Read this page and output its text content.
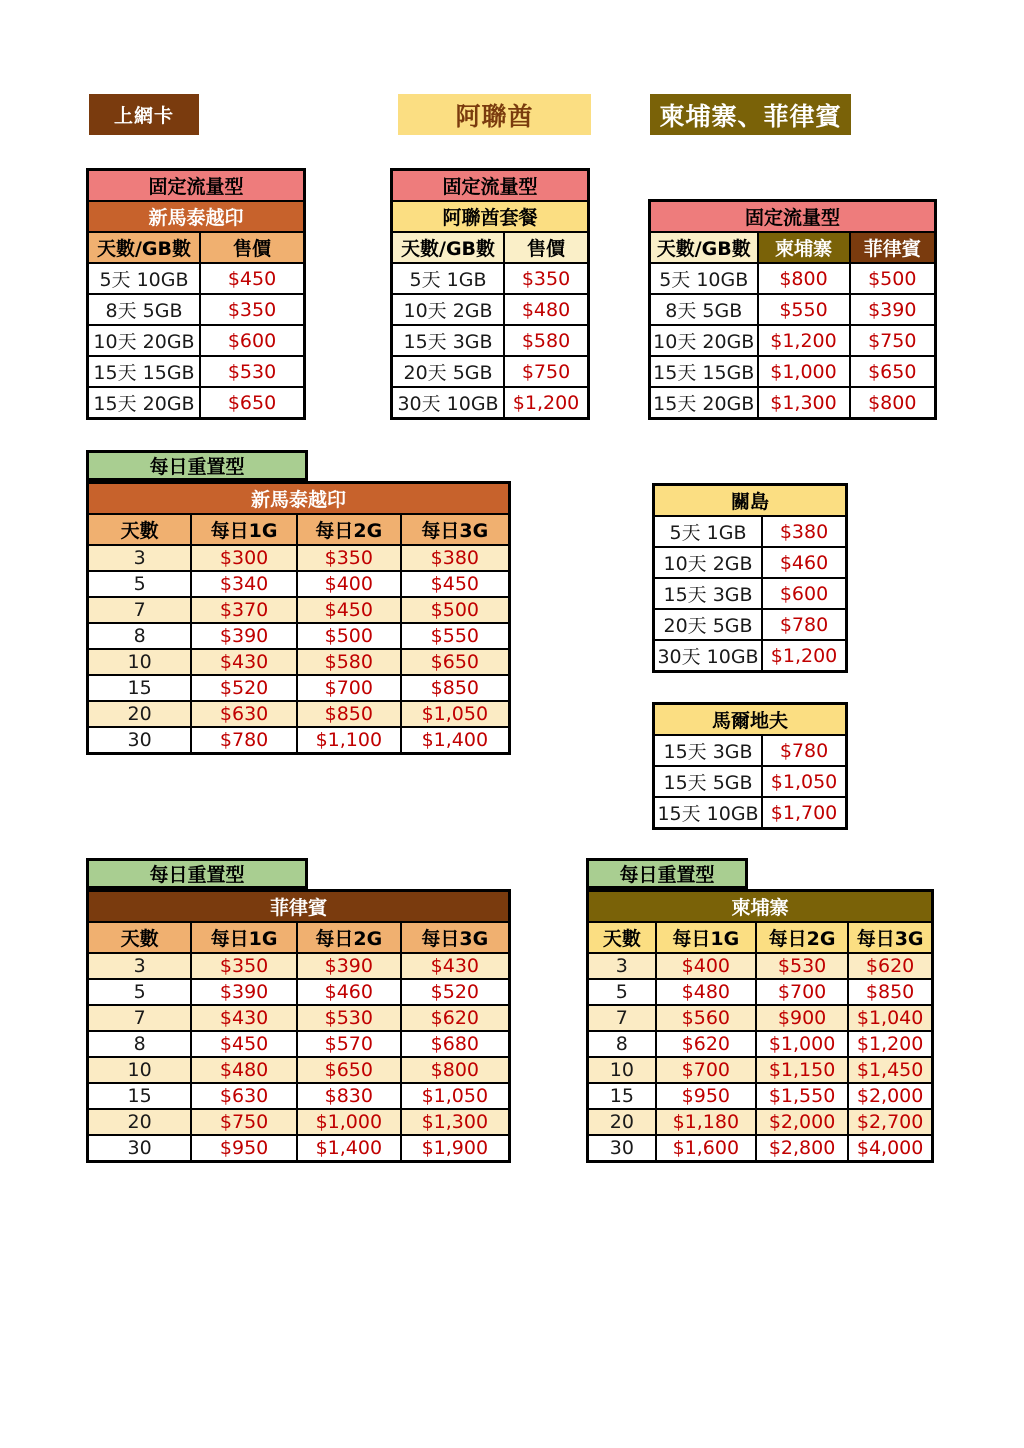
上網卡	阿聯酋	柬埔寨、菲律賓
固定流量型	
新馬泰越印	
天數/GB數	售價
5天 10GB	$450
8天 5GB	$350
10天 20GB	$600
15天 15GB	$530
15天 20GB	$650
固定流量型	
阿聯酋套餐	
天數/GB數	售價
5天 1GB	$350
10天 2GB	$480
15天 3GB	$580
20天 5GB	$750
30天 10GB	$1,200
固定流量型		
天數/GB數	柬埔寨	菲律賓
5天 10GB	$800	$500
8天 5GB	$550	$390
10天 20GB	$1,200	$750
15天 15GB	$1,000	$650
15天 20GB	$1,300	$800
每日重置型
新馬泰越印			
天數	每日1G	每日2G	每日3G
3	$300	$350	$380
5	$340	$400	$450
7	$370	$450	$500
8	$390	$500	$550
10	$430	$580	$650
15	$520	$700	$850
20	$630	$850	$1,050
30	$780	$1,100	$1,400
關島	
5天 1GB	$380
10天 2GB	$460
15天 3GB	$600
20天 5GB	$780
30天 10GB	$1,200
馬爾地夫	
15天 3GB	$780
15天 5GB	$1,050
15天 10GB	$1,700
每日重置型
菲律賓			
天數	每日1G	每日2G	每日3G
3	$350	$390	$430
5	$390	$460	$520
7	$430	$530	$620
8	$450	$570	$680
10	$480	$650	$800
15	$630	$830	$1,050
20	$750	$1,000	$1,300
30	$950	$1,400	$1,900
每日重置型
柬埔寨			
天數	每日1G	每日2G	每日3G
3	$400	$530	$620
5	$480	$700	$850
7	$560	$900	$1,040
8	$620	$1,000	$1,200
10	$700	$1,150	$1,450
15	$950	$1,550	$2,000
20	$1,180	$2,000	$2,700
30	$1,600	$2,800	$4,000
